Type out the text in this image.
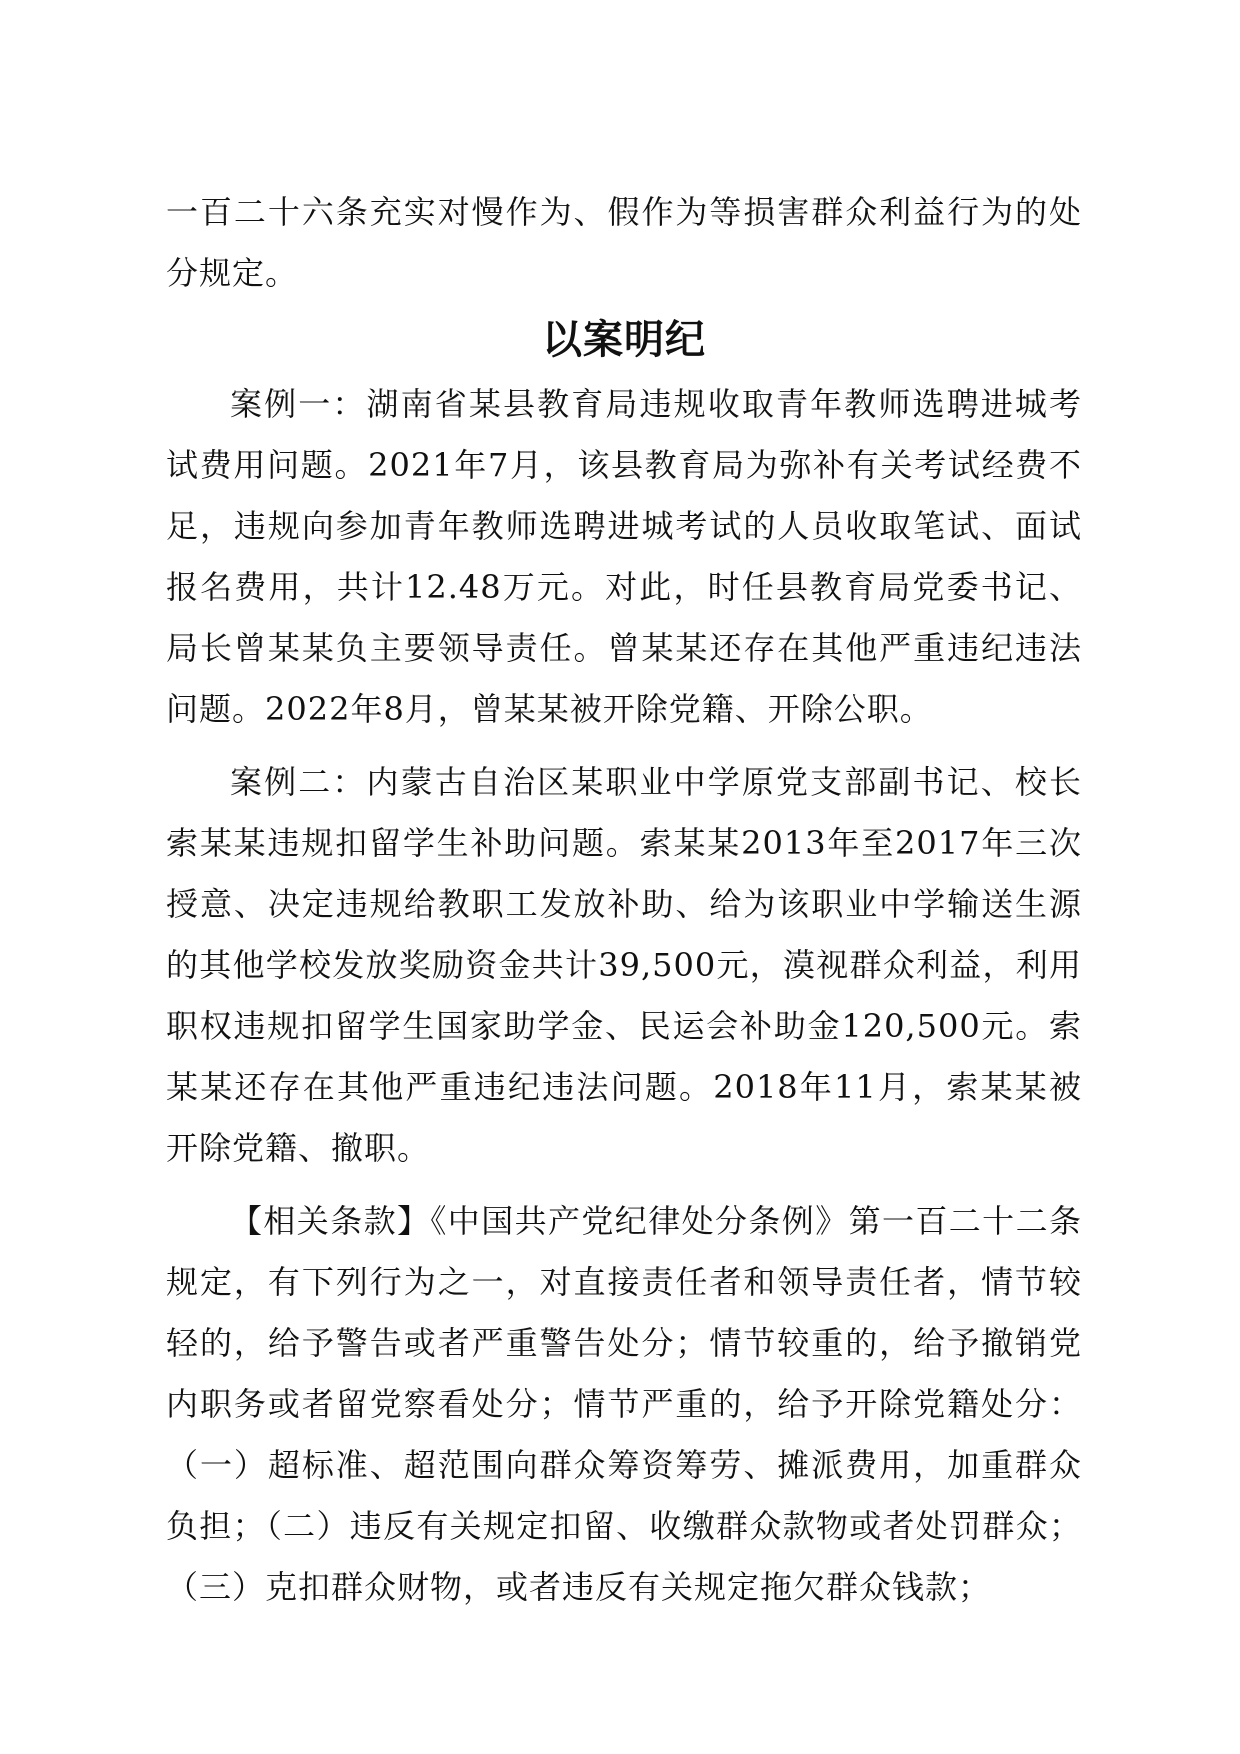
一百二十六条充实对慢作为、假作为等损害群众利益行为的处分规定。

以案明纪

案例一：湖南省某县教育局违规收取青年教师选聘进城考试费用问题。2021年7月，该县教育局为弥补有关考试经费不足，违规向参加青年教师选聘进城考试的人员收取笔试、面试报名费用，共计12.48万元。对此，时任县教育局党委书记、局长曾某某负主要领导责任。曾某某还存在其他严重违纪违法问题。2022年8月，曾某某被开除党籍、开除公职。

案例二：内蒙古自治区某职业中学原党支部副书记、校长索某某违规扣留学生补助问题。索某某2013年至2017年三次授意、决定违规给教职工发放补助、给为该职业中学输送生源的其他学校发放奖励资金共计39,500元，漠视群众利益，利用职权违规扣留学生国家助学金、民运会补助金120,500元。索某某还存在其他严重违纪违法问题。2018年11月，索某某被开除党籍、撤职。

【相关条款】《中国共产党纪律处分条例》第一百二十二条规定，有下列行为之一，对直接责任者和领导责任者，情节较轻的，给予警告或者严重警告处分；情节较重的，给予撤销党内职务或者留党察看处分；情节严重的，给予开除党籍处分：（一）超标准、超范围向群众筹资筹劳、摊派费用，加重群众负担；（二）违反有关规定扣留、收缴群众款物或者处罚群众；（三）克扣群众财物，或者违反有关规定拖欠群众钱款；
